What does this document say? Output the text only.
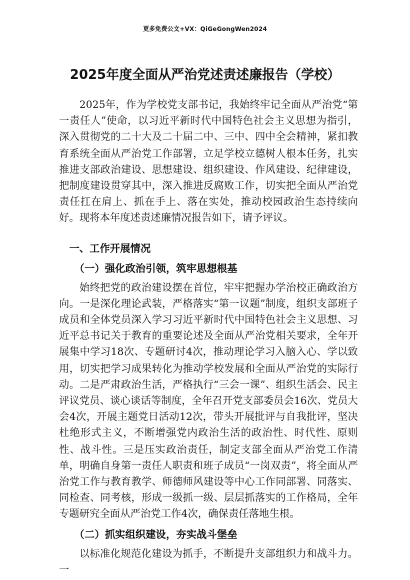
更多免费公文+VX：QiGeGongWen2024
2025年度全面从严治党述责述廉报告（学校）

2025年，作为学校党支部书记，我始终牢记全面从严治党“第一责任人”使命，以习近平新时代中国特色社会主义思想为指引，深入贯彻党的二十大及二十届二中、三中、四中全会精神，紧扣教育系统全面从严治党工作部署，立足学校立德树人根本任务，扎实推进支部政治建设、思想建设、组织建设、作风建设、纪律建设，把制度建设贯穿其中，深入推进反腐败工作，切实把全面从严治党责任扛在肩上、抓在手上、落在实处，推动校园政治生态持续向好。现将本年度述责述廉情况报告如下，请予评议。

一、工作开展情况
（一）强化政治引领，筑牢思想根基

始终把党的政治建设摆在首位，牢牢把握办学治校正确政治方向。一是深化理论武装，严格落实“第一议题”制度，组织支部班子成员和全体党员深入学习习近平新时代中国特色社会主义思想、习近平总书记关于教育的重要论述及全面从严治党相关要求，全年开展集中学习18次、专题研讨4次，推动理论学习入脑入心、学以致用，切实把学习成果转化为推动学校发展和全面从严治党的实际行动。二是严肃政治生活，严格执行“三会一课”、组织生活会、民主评议党员、谈心谈话等制度，全年召开党支部委员会16次、党员大会4次，开展主题党日活动12次，带头开展批评与自我批评，坚决杜绝形式主义，不断增强党内政治生活的政治性、时代性、原则性、战斗性。三是压实政治责任，制定支部全面从严治党工作清单，明确自身第一责任人职责和班子成员“一岗双责”，将全面从严治党工作与教育教学、师德师风建设等中心工作同部署、同落实、同检查、同考核，形成一级抓一级、层层抓落实的工作格局，全年专题研究全面从严治党工作4次，确保责任落地生根。

（二）抓实组织建设，夯实战斗堡垒

以标准化规范化建设为抓手，不断提升支部组织力和战斗力。一
